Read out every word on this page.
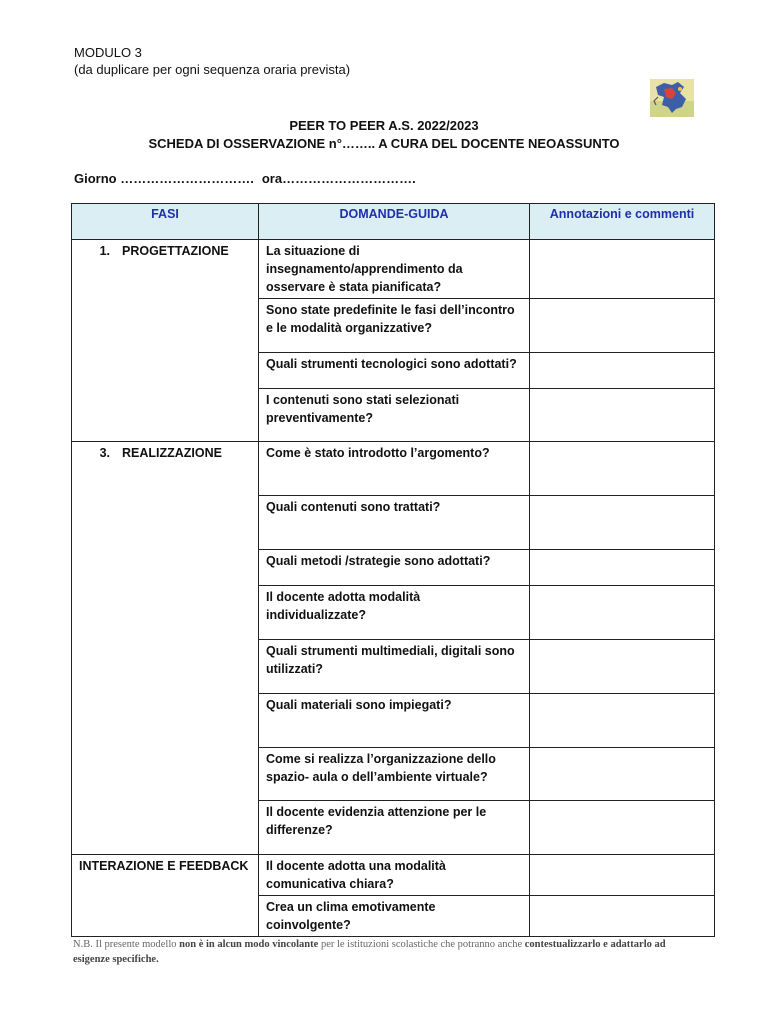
MODULO 3
(da duplicare per ogni sequenza oraria prevista)
PEER TO PEER A.S. 2022/2023
SCHEDA DI OSSERVAZIONE n°…….. A CURA DEL DOCENTE NEOASSUNTO
Giorno …………………………. ora………………………….
FASI	DOMANDE-GUIDA	Annotazioni e commenti
1. PROGETTAZIONE	La situazione di insegnamento/apprendimento da osservare è stata pianificata?	
	Sono state predefinite le fasi dell’incontro e le modalità organizzative?	
	Quali strumenti tecnologici sono adottati?	
	I contenuti sono stati selezionati preventivamente?	
3. REALIZZAZIONE	Come è stato introdotto l’argomento?	
	Quali contenuti sono trattati?	
	Quali metodi /strategie sono adottati?	
	Il docente adotta modalità individualizzate?	
	Quali strumenti multimediali, digitali sono utilizzati?	
	Quali materiali sono impiegati?	
	Come si realizza l’organizzazione dello spazio- aula o dell’ambiente virtuale?	
	Il docente evidenzia attenzione per le differenze?	
INTERAZIONE E FEEDBACK	Il docente adotta una modalità comunicativa chiara?	
	Crea un clima emotivamente coinvolgente?	
N.B. Il presente modello non è in alcun modo vincolante per le istituzioni scolastiche che potranno anche contestualizzarlo e adattarlo ad esigenze specifiche.
